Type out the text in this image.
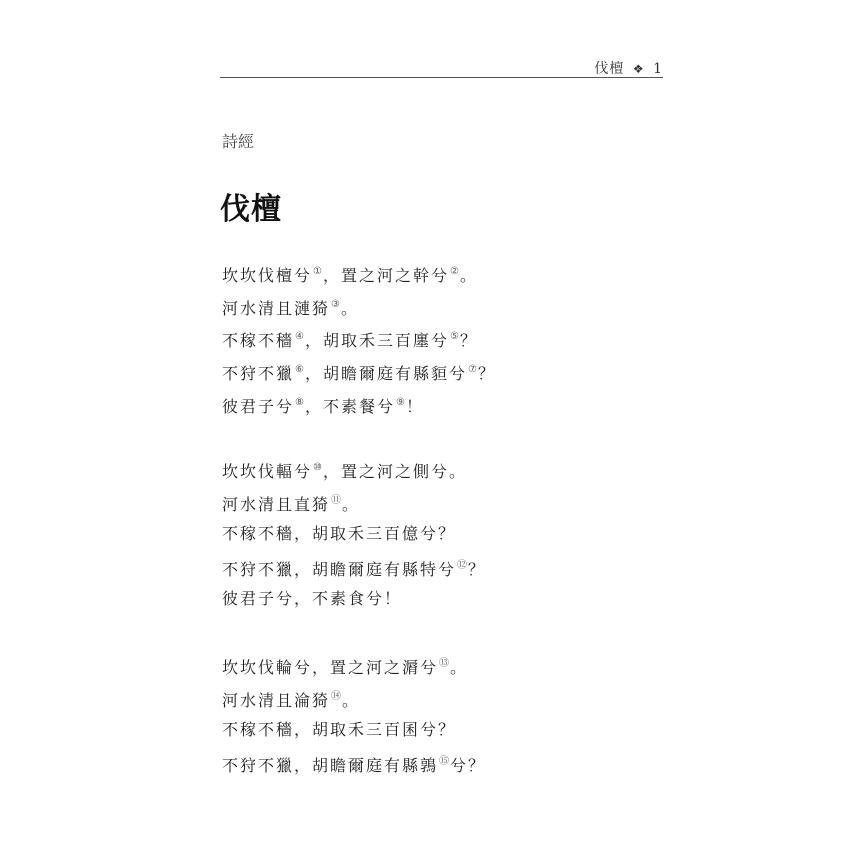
伐檀 ❖ 1
詩經
伐檀
坎坎伐檀兮①，置之河之幹兮②。
河水清且漣猗③。
不稼不穡④，胡取禾三百廛兮⑤？
不狩不獵⑥，胡瞻爾庭有縣貆兮⑦？
彼君子兮⑧，不素餐兮⑨！
坎坎伐輻兮⑩，置之河之側兮。
河水清且直猗⑪。
不稼不穡，胡取禾三百億兮？
不狩不獵，胡瞻爾庭有縣特兮⑫？
彼君子兮，不素食兮！
坎坎伐輪兮，置之河之漘兮⑬。
河水清且淪猗⑭。
不稼不穡，胡取禾三百囷兮？
不狩不獵，胡瞻爾庭有縣鶉⑮兮？
